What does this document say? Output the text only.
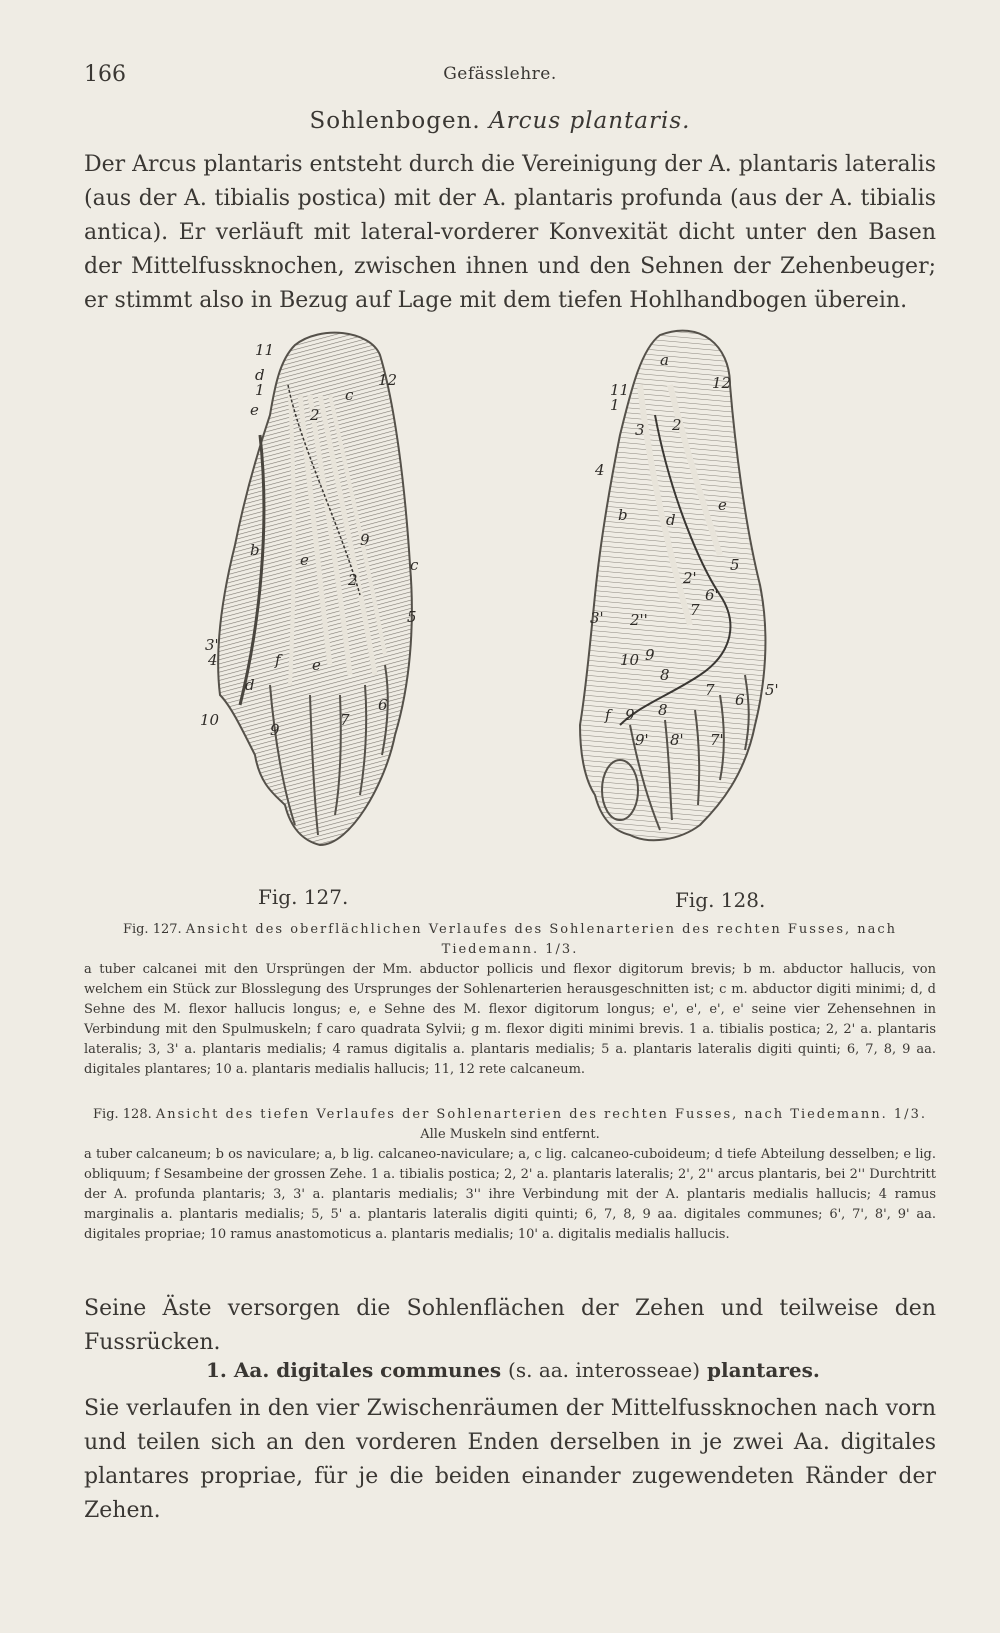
166	Gefässlehre.
Sohlenbogen. Arcus plantaris.
Der Arcus plantaris entsteht durch die Vereinigung der A. plantaris lateralis (aus der A. tibialis postica) mit der A. plantaris profunda (aus der A. tibialis antica). Er verläuft mit lateral-vorderer Konvexität dicht unter den Basen der Mittelfussknochen, zwischen ihnen und den Sehnen der Zehenbeuger; er stimmt also in Bezug auf Lage mit dem tiefen Hohlhandbogen überein.
11
d
1
e
12
2
c
b
9
e
2
c
5
3'
4
d
10
9
7
6
e
f
a
11
1
12
3 2
4
b	d
e
2'
5
3' 2''
7
6'
9
8
10
f 9
9'
8
8'
7
7'
6
5'
Fig. 127.	Fig. 128.
Fig. 127. Ansicht des oberflächlichen Verlaufes des Sohlenarterien des rechten Fusses, nach Tiedemann. 1/3.
a tuber calcanei mit den Ursprüngen der Mm. abductor pollicis und flexor digitorum brevis; b m. abductor hallucis, von welchem ein Stück zur Blosslegung des Ursprunges der Sohlenarterien herausgeschnitten ist; c m. abductor digiti minimi; d, d Sehne des M. flexor hallucis longus; e, e Sehne des M. flexor digitorum longus; e', e', e', e' seine vier Zehensehnen in Verbindung mit den Spulmuskeln; f caro quadrata Sylvii; g m. flexor digiti minimi brevis. 1 a. tibialis postica; 2, 2' a. plantaris lateralis; 3, 3' a. plantaris medialis; 4 ramus digitalis a. plantaris medialis; 5 a. plantaris lateralis digiti quinti; 6, 7, 8, 9 aa. digitales plantares; 10 a. plantaris medialis hallucis; 11, 12 rete calcaneum.
Fig. 128. Ansicht des tiefen Verlaufes der Sohlenarterien des rechten Fusses, nach Tiedemann. 1/3.
Alle Muskeln sind entfernt.
a tuber calcaneum; b os naviculare; a, b lig. calcaneo-naviculare; a, c lig. calcaneo-cuboideum; d tiefe Abteilung desselben; e lig. obliquum; f Sesambeine der grossen Zehe. 1 a. tibialis postica; 2, 2' a. plantaris lateralis; 2', 2'' arcus plantaris, bei 2'' Durchtritt der A. profunda plantaris; 3, 3' a. plantaris medialis; 3'' ihre Verbindung mit der A. plantaris medialis hallucis; 4 ramus marginalis a. plantaris medialis; 5, 5' a. plantaris lateralis digiti quinti; 6, 7, 8, 9 aa. digitales communes; 6', 7', 8', 9' aa. digitales propriae; 10 ramus anastomoticus a. plantaris medialis; 10' a. digitalis medialis hallucis.
Seine Äste versorgen die Sohlenflächen der Zehen und teilweise den Fussrücken.
1. Aa. digitales communes (s. aa. interosseae) plantares.
Sie verlaufen in den vier Zwischenräumen der Mittelfussknochen nach vorn und teilen sich an den vorderen Enden derselben in je zwei Aa. digitales plantares propriae, für je die beiden einander zugewendeten Ränder der Zehen.
